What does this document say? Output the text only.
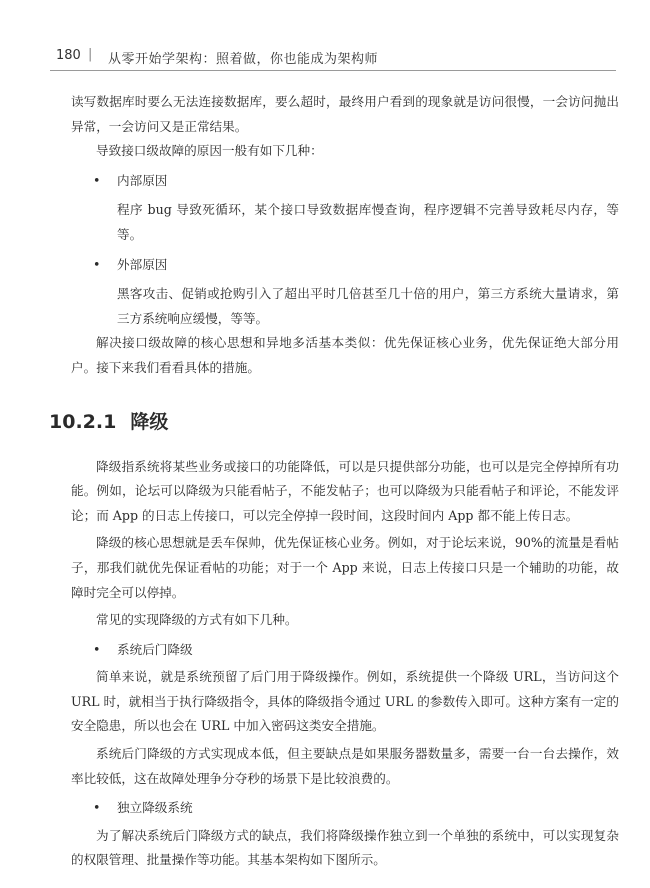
180 | 从零开始学架构：照着做，你也能成为架构师

读写数据库时要么无法连接数据库，要么超时，最终用户看到的现象就是访问很慢，一会访问抛出异常，一会访问又是正常结果。

导致接口级故障的原因一般有如下几种：

• 内部原因

程序 bug 导致死循环，某个接口导致数据库慢查询，程序逻辑不完善导致耗尽内存，等等。

• 外部原因

黑客攻击、促销或抢购引入了超出平时几倍甚至几十倍的用户，第三方系统大量请求，第三方系统响应缓慢，等等。

解决接口级故障的核心思想和异地多活基本类似：优先保证核心业务，优先保证绝大部分用户。接下来我们看看具体的措施。

10.2.1 降级

降级指系统将某些业务或接口的功能降低，可以是只提供部分功能，也可以是完全停掉所有功能。例如，论坛可以降级为只能看帖子，不能发帖子；也可以降级为只能看帖子和评论，不能发评论；而 App 的日志上传接口，可以完全停掉一段时间，这段时间内 App 都不能上传日志。

降级的核心思想就是丢车保帅，优先保证核心业务。例如，对于论坛来说，90%的流量是看帖子，那我们就优先保证看帖的功能；对于一个 App 来说，日志上传接口只是一个辅助的功能，故障时完全可以停掉。

常见的实现降级的方式有如下几种。

• 系统后门降级

简单来说，就是系统预留了后门用于降级操作。例如，系统提供一个降级 URL，当访问这个 URL 时，就相当于执行降级指令，具体的降级指令通过 URL 的参数传入即可。这种方案有一定的安全隐患，所以也会在 URL 中加入密码这类安全措施。

系统后门降级的方式实现成本低，但主要缺点是如果服务器数量多，需要一台一台去操作，效率比较低，这在故障处理争分夺秒的场景下是比较浪费的。

• 独立降级系统

为了解决系统后门降级方式的缺点，我们将降级操作独立到一个单独的系统中，可以实现复杂的权限管理、批量操作等功能。其基本架构如下图所示。
